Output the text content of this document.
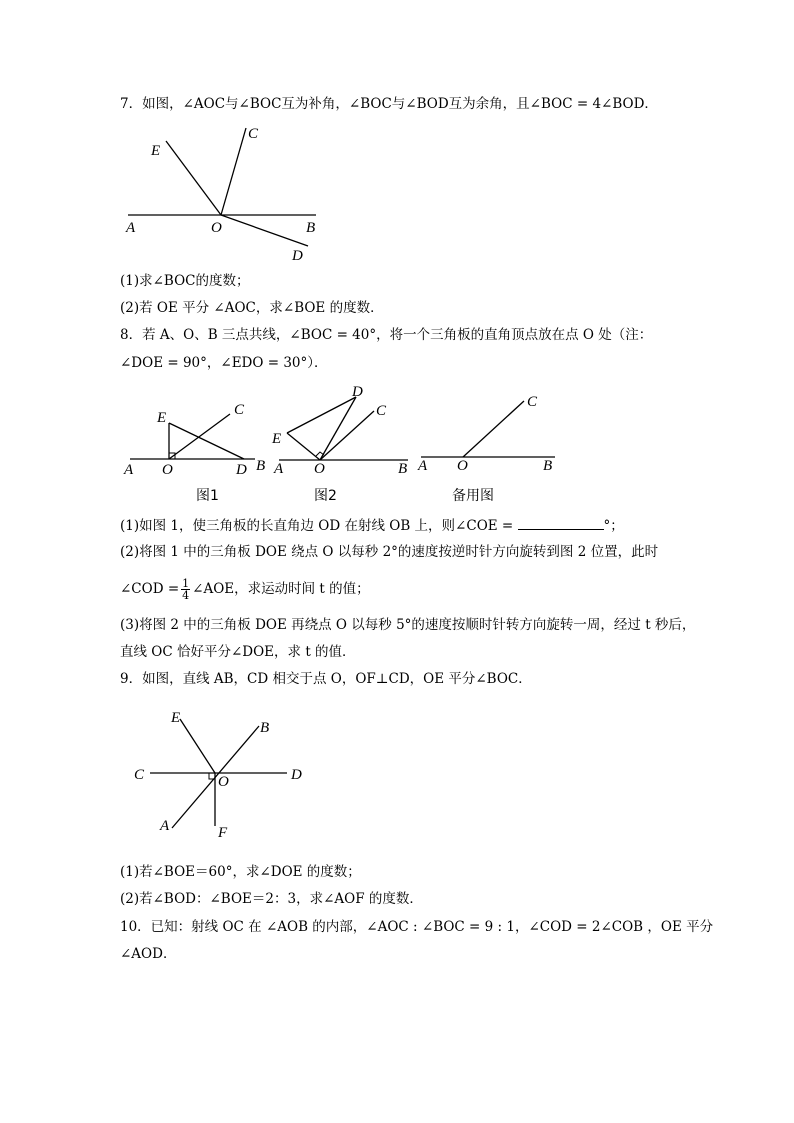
7．如图，∠AOC与∠BOC互为补角，∠BOC与∠BOD互为余角，且∠BOC = 4∠BOD．
E
C
A	O	B
D
(1)求∠BOC的度数；
(2)若 OE 平分 ∠AOC，求∠BOE 的度数．
8．若 A、O、B 三点共线，∠BOC = 40°，将一个三角板的直角顶点放在点 O 处（注：
∠DOE = 90°，∠EDO = 30°）．
E	C
A O	D B
图1
D
C
E
A O	B
图2
C
A O	B
备用图
(1)如图 1，使三角板的长直角边 OD 在射线 OB 上，则∠COE =	°；
(2)将图 1 中的三角板 DOE 绕点 O 以每秒 2°的速度按逆时针方向旋转到图 2 位置，此时
∠COD = $\frac{1}{4}$ ∠AOE，求运动时间 t 的值；
(3)将图 2 中的三角板 DOE 再绕点 O 以每秒 5°的速度按顺时针转方向旋转一周，经过 t 秒后，
直线 OC 恰好平分∠DOE，求 t 的值．
9．如图，直线 AB，CD 相交于点 O，OF⊥CD，OE 平分∠BOC．
E
B
C	O	D
A	F
(1)若∠BOE＝60°，求∠DOE 的度数；
(2)若∠BOD：∠BOE＝2：3，求∠AOF 的度数．
10．已知：射线 OC 在 ∠AOB 的内部，∠AOC : ∠BOC = 9 : 1，∠COD = 2∠COB ，OE 平分
∠AOD．
